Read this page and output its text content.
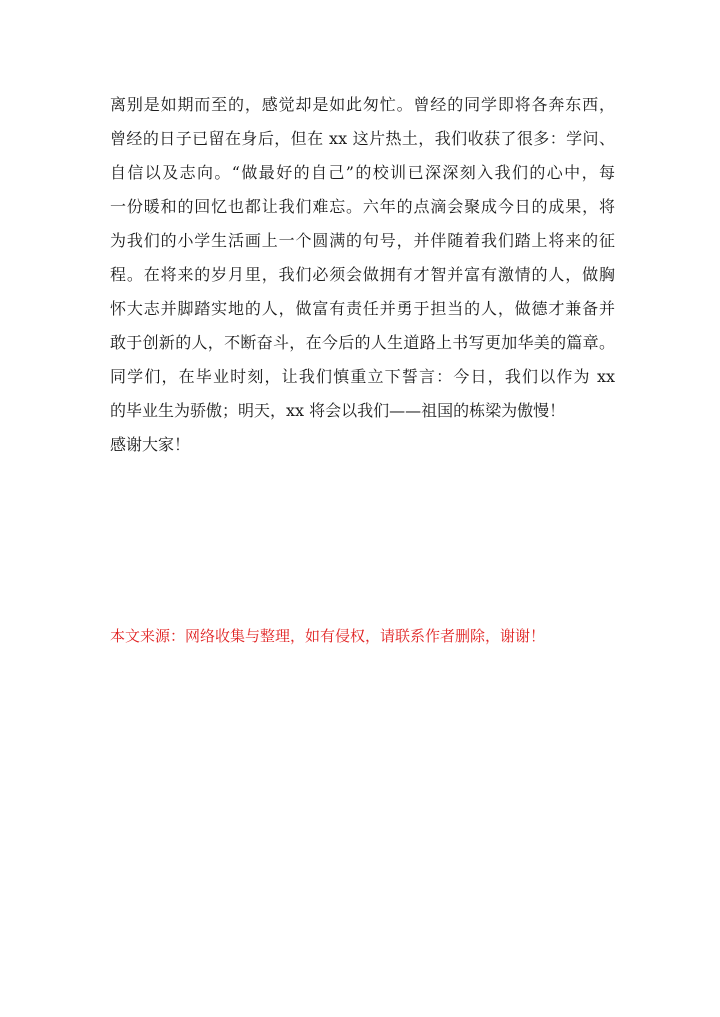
离别是如期而至的，感觉却是如此匆忙。曾经的同学即将各奔东西，
曾经的日子已留在身后，但在 xx 这片热土，我们收获了很多：学问、
自信以及志向。“做最好的自己”的校训已深深刻入我们的心中，每
一份暖和的回忆也都让我们难忘。六年的点滴会聚成今日的成果，将
为我们的小学生活画上一个圆满的句号，并伴随着我们踏上将来的征
程。在将来的岁月里，我们必须会做拥有才智并富有激情的人，做胸
怀大志并脚踏实地的人，做富有责任并勇于担当的人，做德才兼备并
敢于创新的人，不断奋斗，在今后的人生道路上书写更加华美的篇章。
同学们，在毕业时刻，让我们慎重立下誓言：今日，我们以作为 xx
的毕业生为骄傲；明天，xx 将会以我们——祖国的栋梁为傲慢！
感谢大家！
本文来源：网络收集与整理，如有侵权，请联系作者删除，谢谢！
